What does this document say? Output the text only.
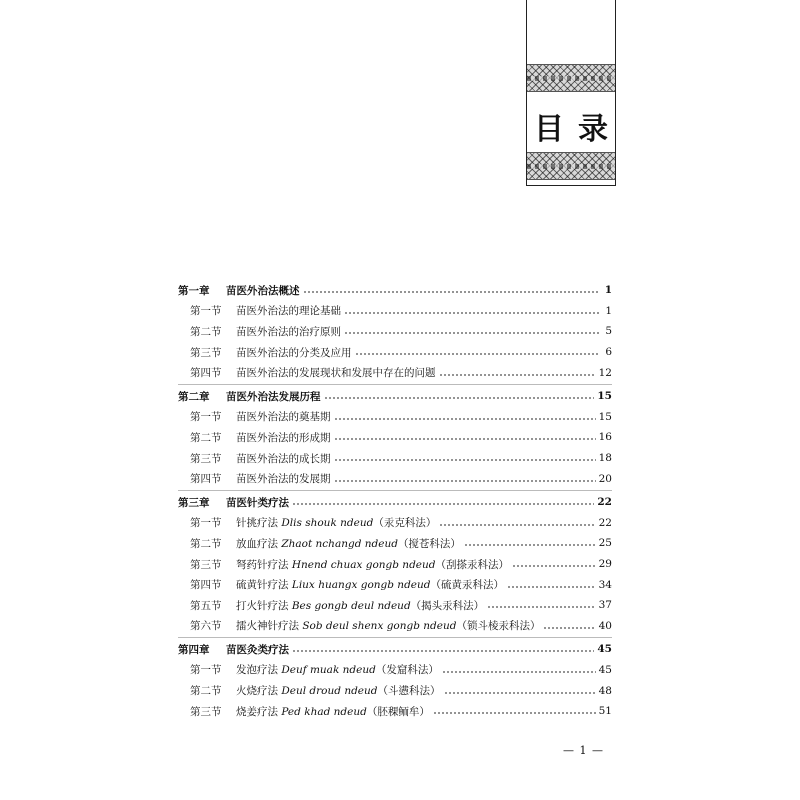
目 录
第一章	苗医外治法概述	1
第一节	苗医外治法的理论基础	1
第二节	苗医外治法的治疗原则	5
第三节	苗医外治法的分类及应用	6
第四节	苗医外治法的发展现状和发展中存在的问题	12
第二章	苗医外治法发展历程	15
第一节	苗医外治法的奠基期	15
第二节	苗医外治法的形成期	16
第三节	苗医外治法的成长期	18
第四节	苗医外治法的发展期	20
第三章	苗医针类疗法	22
第一节	针挑疗法 Dlis shouk ndeud（汞克科法）	22
第二节	放血疗法 Zhaot nchangd ndeud（搅苍科法）	25
第三节	弩药针疗法 Hnend chuax gongb ndeud（刮搽汞科法）	29
第四节	硫黄针疗法 Liux huangx gongb ndeud（硫黄汞科法）	34
第五节	打火针疗法 Bes gongb deul ndeud（揭头汞科法）	37
第六节	擂火神针疗法 Sob deul shenx gongb ndeud（锁斗棱汞科法）	40
第四章	苗医灸类疗法	45
第一节	发泡疗法 Deuf muak ndeud（发窟科法）	45
第二节	火烧疗法 Deul droud ndeud（斗懑科法）	48
第三节	烧姜疗法 Ped khad ndeud（胚稞鲕牟）	51
— 1 —
